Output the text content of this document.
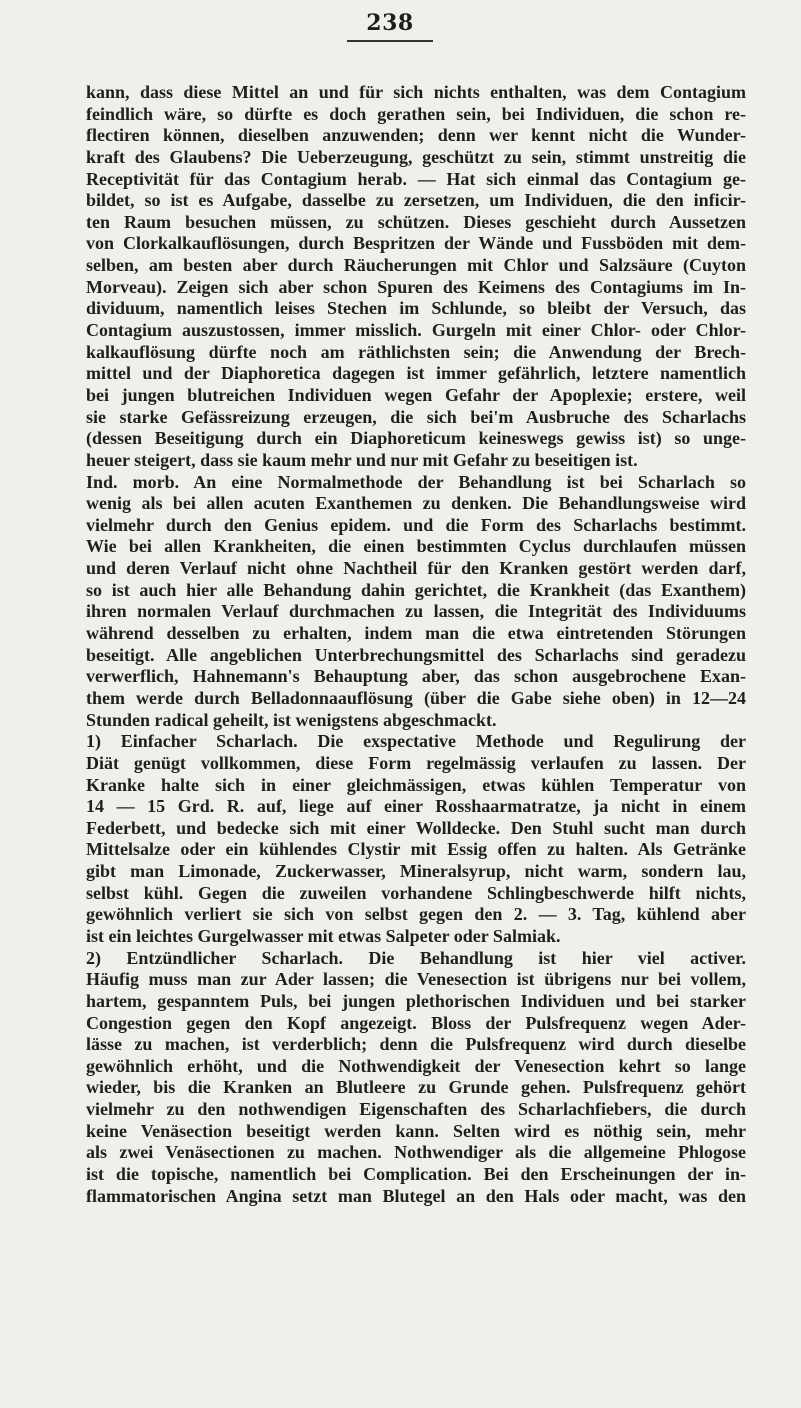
238
kann, dass diese Mittel an und für sich nichts enthalten, was dem Contagium
feindlich wäre, so dürfte es doch gerathen sein, bei Individuen, die schon re-
flectiren können, dieselben anzuwenden; denn wer kennt nicht die Wunder-
kraft des Glaubens? Die Ueberzeugung, geschützt zu sein, stimmt unstreitig die
Receptivität für das Contagium herab. — Hat sich einmal das Contagium ge-
bildet, so ist es Aufgabe, dasselbe zu zersetzen, um Individuen, die den inficir-
ten Raum besuchen müssen, zu schützen. Dieses geschieht durch Aussetzen
von Clorkalkauflösungen, durch Bespritzen der Wände und Fussböden mit dem-
selben, am besten aber durch Räucherungen mit Chlor und Salzsäure (Cuyton
Morveau). Zeigen sich aber schon Spuren des Keimens des Contagiums im In-
dividuum, namentlich leises Stechen im Schlunde, so bleibt der Versuch, das
Contagium auszustossen, immer misslich. Gurgeln mit einer Chlor- oder Chlor-
kalkauflösung dürfte noch am räthlichsten sein; die Anwendung der Brech-
mittel und der Diaphoretica dagegen ist immer gefährlich, letztere namentlich
bei jungen blutreichen Individuen wegen Gefahr der Apoplexie; erstere, weil
sie starke Gefässreizung erzeugen, die sich bei'm Ausbruche des Scharlachs
(dessen Beseitigung durch ein Diaphoreticum keineswegs gewiss ist) so unge-
heuer steigert, dass sie kaum mehr und nur mit Gefahr zu beseitigen ist.
Ind. morb. An eine Normalmethode der Behandlung ist bei Scharlach so
wenig als bei allen acuten Exanthemen zu denken. Die Behandlungsweise wird
vielmehr durch den Genius epidem. und die Form des Scharlachs bestimmt.
Wie bei allen Krankheiten, die einen bestimmten Cyclus durchlaufen müssen
und deren Verlauf nicht ohne Nachtheil für den Kranken gestört werden darf,
so ist auch hier alle Behandung dahin gerichtet, die Krankheit (das Exanthem)
ihren normalen Verlauf durchmachen zu lassen, die Integrität des Individuums
während desselben zu erhalten, indem man die etwa eintretenden Störungen
beseitigt. Alle angeblichen Unterbrechungsmittel des Scharlachs sind geradezu
verwerflich, Hahnemann's Behauptung aber, das schon ausgebrochene Exan-
them werde durch Belladonnaauflösung (über die Gabe siehe oben) in 12—24
Stunden radical geheilt, ist wenigstens abgeschmackt.
1) Einfacher Scharlach. Die exspectative Methode und Regulirung der
Diät genügt vollkommen, diese Form regelmässig verlaufen zu lassen. Der
Kranke halte sich in einer gleichmässigen, etwas kühlen Temperatur von
14 — 15 Grd. R. auf, liege auf einer Rosshaarmatratze, ja nicht in einem
Federbett, und bedecke sich mit einer Wolldecke. Den Stuhl sucht man durch
Mittelsalze oder ein kühlendes Clystir mit Essig offen zu halten. Als Getränke
gibt man Limonade, Zuckerwasser, Mineralsyrup, nicht warm, sondern lau,
selbst kühl. Gegen die zuweilen vorhandene Schlingbeschwerde hilft nichts,
gewöhnlich verliert sie sich von selbst gegen den 2. — 3. Tag, kühlend aber
ist ein leichtes Gurgelwasser mit etwas Salpeter oder Salmiak.
2) Entzündlicher Scharlach. Die Behandlung ist hier viel activer.
Häufig muss man zur Ader lassen; die Venesection ist übrigens nur bei vollem,
hartem, gespanntem Puls, bei jungen plethorischen Individuen und bei starker
Congestion gegen den Kopf angezeigt. Bloss der Pulsfrequenz wegen Ader-
lässe zu machen, ist verderblich; denn die Pulsfrequenz wird durch dieselbe
gewöhnlich erhöht, und die Nothwendigkeit der Venesection kehrt so lange
wieder, bis die Kranken an Blutleere zu Grunde gehen. Pulsfrequenz gehört
vielmehr zu den nothwendigen Eigenschaften des Scharlachfiebers, die durch
keine Venäsection beseitigt werden kann. Selten wird es nöthig sein, mehr
als zwei Venäsectionen zu machen. Nothwendiger als die allgemeine Phlogose
ist die topische, namentlich bei Complication. Bei den Erscheinungen der in-
flammatorischen Angina setzt man Blutegel an den Hals oder macht, was den
